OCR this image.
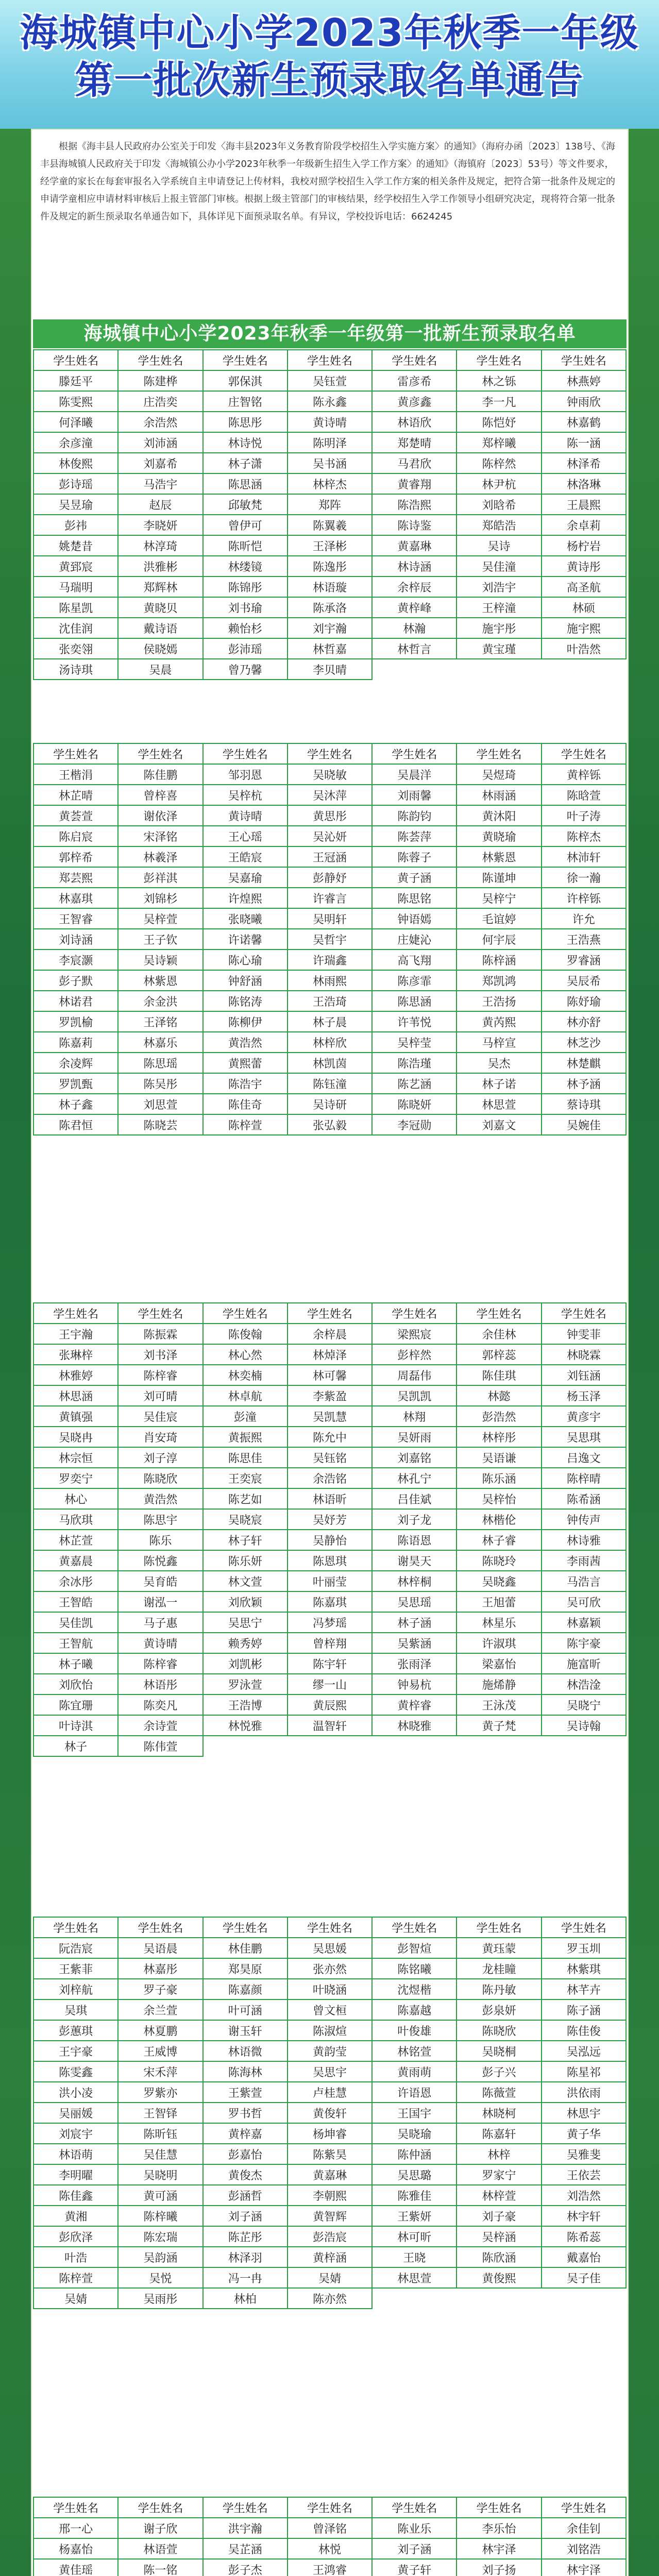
海城镇中心小学2023年秋季一年级
第一批次新生预录取名单通告
根据《海丰县人民政府办公室关于印发〈海丰县2023年义务教育阶段学校招生入学实施方案〉的通知》（海府办函〔2023〕138号、《海丰县海城镇人民政府关于印发〈海城镇公办小学2023年秋季一年级新生招生入学工作方案〉的通知》（海镇府〔2023〕53号）等文件要求，经学童的家长在每套审报名入学系统自主申请登记上传材料，我校对照学校招生入学工作方案的相关条件及规定，把符合第一批条件及规定的申请学童相应申请材料审核后上报主管部门审核。根据上级主管部门的审核结果，经学校招生入学工作领导小组研究决定，现将符合第一批条件及规定的新生预录取名单通告如下，具体详见下面预录取名单。有异议，学校投诉电话：6624245
海城镇中心小学2023年秋季一年级第一批新生预录取名单
学生姓名	学生姓名	学生姓名	学生姓名	学生姓名	学生姓名	学生姓名
滕廷平	陈建桦	郭保淇	吴钰萱	雷彦希	林之铄	林燕婷
陈雯熙	庄浩奕	庄智铭	陈永鑫	黄彦鑫	李一凡	钟雨欣
何泽曦	余浩然	陈思彤	黄诗晴	林语欣	陈恺妤	林嘉鹤
余彦潼	刘沛涵	林诗悦	陈明泽	郑楚晴	郑梓曦	陈一涵
林俊熙	刘嘉希	林子潇	吴书涵	马君欣	陈梓然	林泽希
彭诗瑶	马浩宇	陈思涵	林梓杰	黄睿翔	林尹杭	林洛琳
吴昱瑜	赵辰	邱敏梵	郑阵	陈浩熙	刘晗希	王晨熙
彭祎	李晓妍	曾伊可	陈翼羲	陈诗鉴	郑皓浩	余卓莉
姚楚昔	林淳琦	陈昕恺	王泽彬	黄嘉琳	吴诗	杨柠岩
黄郅宸	洪雅彬	林缕镜	陈逸彤	林诗涵	吴佳潼	黄诗彤
马瑞明	郑辉林	陈锦彤	林语璇	余梓辰	刘浩宇	高圣航
陈星凯	黄晓贝	刘书瑜	陈承洛	黄梓峰	王梓潼	林硕
沈佳润	戴诗语	赖怡杉	刘宇瀚	林瀚	施宇彤	施宇熙
张奕翎	侯晓嫣	彭沛瑶	林哲嘉	林哲言	黄宝瑾	叶浩然
汤诗琪	吴晨	曾乃馨	李贝晴
学生姓名	学生姓名	学生姓名	学生姓名	学生姓名	学生姓名	学生姓名
王楷涓	陈佳鹏	邹羽恩	吴晓敏	吴晨洋	吴煜琦	黄梓铄
林芷晴	曾梓喜	吴梓杭	吴沐萍	刘雨馨	林雨涵	陈晗萱
黄荟萱	谢依泽	黄诗晴	黄思彤	陈韵钧	黄沐阳	叶子涛
陈启宸	宋泽铭	王心瑶	吴沁妍	陈荟萍	黄晓瑜	陈梓杰
郭梓希	林羲泽	王皓宸	王冠涵	陈蓉子	林紫恩	林沛轩
郑芸熙	彭祥淇	吴嘉瑜	彭静妤	黄子涵	陈谨坤	徐一瀚
林嘉琪	刘锦杉	许煌熙	许睿言	陈思铭	吴梓宁	许梓铄
王智睿	吴梓萱	张晓曦	吴明轩	钟语嫣	毛谊婷	许允
刘诗涵	王子钦	许诺馨	吴哲宇	庄婕沁	何宇辰	王浩燕
李宸灏	吴诗颖	陈心瑜	许瑞鑫	高飞翔	陈梓涵	罗睿涵
彭子默	林紫恩	钟舒涵	林雨熙	陈彦霏	郑凯鸿	吴辰希
林诺君	余金洪	陈铭涛	王浩琦	陈思涵	王浩扬	陈妤瑜
罗凯榆	王泽铭	陈柳伊	林子晨	许苇悦	黄芮熙	林亦舒
陈嘉莉	林嘉乐	黄浩然	林梓欣	吴梓莹	马梓宣	林芝沙
余凌辉	陈思瑶	黄熙蕾	林凯茵	陈浩瑾	吴杰	林楚麒
罗凯甄	陈吴彤	陈浩宇	陈钰潼	陈艺涵	林子诺	林予涵
林子鑫	刘思萱	陈佳奇	吴诗研	陈晓妍	林思萱	蔡诗琪
陈君恒	陈晓芸	陈梓萱	张弘毅	李冠勋	刘嘉文	吴婉佳
学生姓名	学生姓名	学生姓名	学生姓名	学生姓名	学生姓名	学生姓名
王宇瀚	陈振霖	陈俊翰	余梓晨	梁熙宸	余佳林	钟雯菲
张琳梓	刘书泽	林心然	林焯泽	彭梓然	郭梓蕊	林晓霖
林雅婷	陈梓睿	林奕楠	林可馨	周磊伟	陈佳琪	刘钰涵
林思涵	刘可晴	林卓航	李紫盈	吴凯凯	林懿	杨玉泽
黄镇强	吴佳宸	彭潼	吴凯慧	林翔	彭浩然	黄彦宇
吴晓冉	肖安琦	黄振熙	陈允中	吴妍雨	林梓彤	吴思琪
林宗恒	刘子淳	陈思佳	吴钰铭	刘嘉铭	吴语谦	吕逸文
罗奕宁	陈晓欣	王奕宸	余浩铭	林孔宁	陈乐涵	陈梓晴
林心	黄浩然	陈艺如	林语昕	吕佳斌	吴梓怡	陈希涵
马欣琪	陈思宇	吴晓宸	吴妤芳	刘子龙	林楷伦	钟传声
林芷萱	陈乐	林子轩	吴静怡	陈语恩	林子睿	林诗雅
黄嘉晨	陈悦鑫	陈乐妍	陈恩琪	谢昊天	陈晓玲	李雨茜
余冰彤	吴育皓	林文萱	叶丽莹	林梓桐	吴晓鑫	马浩言
王智皓	谢泓一	刘欣颖	陈嘉琪	吴思瑶	王旭蕾	吴可欣
吴佳凯	马子惠	吴思宁	冯梦瑶	林子涵	林星乐	林嘉颖
王智航	黄诗晴	赖秀婷	曾梓翔	吴紫涵	许淑琪	陈宇豪
林子曦	陈梓睿	刘凯彬	陈宇轩	张雨泽	梁嘉怡	施富昕
刘欣怡	林语彤	罗泳萱	缪一山	钟易杭	施烯静	林浩淦
陈宜珊	陈奕凡	王浩博	黄辰熙	黄梓睿	王泳茂	吴晓宁
叶诗淇	余诗萱	林悦雅	温智轩	林晓雅	黄子梵	吴诗翰
林子	陈伟萱
学生姓名	学生姓名	学生姓名	学生姓名	学生姓名	学生姓名	学生姓名
阮浩宸	吴语晨	林佳鹏	吴思媛	彭智煊	黄珏蒙	罗玉圳
王紫菲	林嘉彤	郑昊原	张亦然	陈铭曦	龙桂瞳	林紫琪
刘梓航	罗子豪	陈嘉颜	叶晓涵	沈煜楷	陈丹敏	林芊卉
吴琪	余兰萱	叶可涵	曾文桓	陈嘉越	彭泉妍	陈子涵
彭蕙琪	林夏鹏	谢玉轩	陈淑煊	叶俊雄	陈晓欣	陈佳俊
王宇豪	王威博	林语微	黄韵莹	林铭萱	吴晓桐	吴泓远
陈雯鑫	宋禾萍	陈海林	吴思宇	黄雨萌	彭子兴	陈星祁
洪小凌	罗紫亦	王紫萱	卢桂慧	许语恩	陈薇萱	洪依雨
吴丽媛	王智铎	罗书哲	黄俊轩	王国宇	林晓柯	林思宇
刘宸宇	陈昕钰	黄梓嘉	杨坤睿	吴晓瑜	陈嘉轩	黄子华
林语萌	吴佳慧	彭嘉怡	陈紫昊	陈仲涵	林梓	吴雅斐
李明曜	吴晓明	黄俊杰	黄嘉琳	吴思璐	罗家宁	王依芸
陈佳鑫	黄可涵	彭涵哲	李朝熙	陈雅佳	林梓萱	刘浩然
黄湘	陈梓曦	刘子涵	黄智辉	王紫妍	刘子豪	林宇轩
彭欣泽	陈宏瑞	陈芷彤	彭浩宸	林可昕	吴梓涵	陈希蕊
叶浩	吴韵涵	林泽羽	黄梓涵	王晓	陈欣涵	戴嘉怡
陈梓萱	吴悦	冯一冉	吴婧	林思萱	黄俊熙	吴子佳
吴婧	吴雨彤	林柏	陈亦然
学生姓名	学生姓名	学生姓名	学生姓名	学生姓名	学生姓名	学生姓名
邢一心	谢子欣	洪宇瀚	曾泽铭	陈业乐	李乐怡	余佳钊
杨嘉怡	林语萱	吴芷涵	林悦	刘子涵	林宇泽	刘铭浩
黄佳瑶	陈一铭	彭子杰	王鸿睿	黄子轩	刘子扬	林宇泽
